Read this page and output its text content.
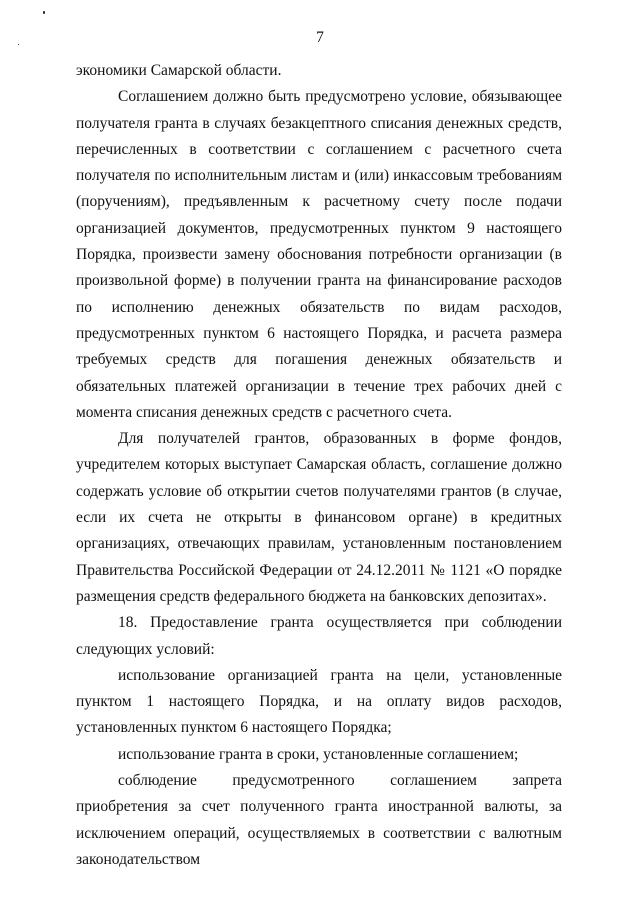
7

экономики Самарской области.

Соглашением должно быть предусмотрено условие, обязывающее получателя гранта в случаях безакцептного списания денежных средств, перечисленных в соответствии с соглашением с расчетного счета получателя по исполнительным листам и (или) инкассовым требованиям (поручениям), предъявленным к расчетному счету после подачи организацией документов, предусмотренных пунктом 9 настоящего Порядка, произвести замену обоснования потребности организации (в произвольной форме) в получении гранта на финансирование расходов по исполнению денежных обязательств по видам расходов, предусмотренных пунктом 6 настоящего Порядка, и расчета размера требуемых средств для погашения денежных обязательств и обязательных платежей организации в течение трех рабочих дней с момента списания денежных средств с расчетного счета.

Для получателей грантов, образованных в форме фондов, учредителем которых выступает Самарская область, соглашение должно содержать условие об открытии счетов получателями грантов (в случае, если их счета не открыты в финансовом органе) в кредитных организациях, отвечающих правилам, установленным постановлением Правительства Российской Федерации от 24.12.2011 № 1121 «О порядке размещения средств федерального бюджета на банковских депозитах».

18. Предоставление гранта осуществляется при соблюдении следующих условий:

использование организацией гранта на цели, установленные пунктом 1 настоящего Порядка, и на оплату видов расходов, установленных пунктом 6 настоящего Порядка;

использование гранта в сроки, установленные соглашением;

соблюдение предусмотренного соглашением запрета приобретения за счет полученного гранта иностранной валюты, за исключением операций, осуществляемых в соответствии с валютным законодательством
